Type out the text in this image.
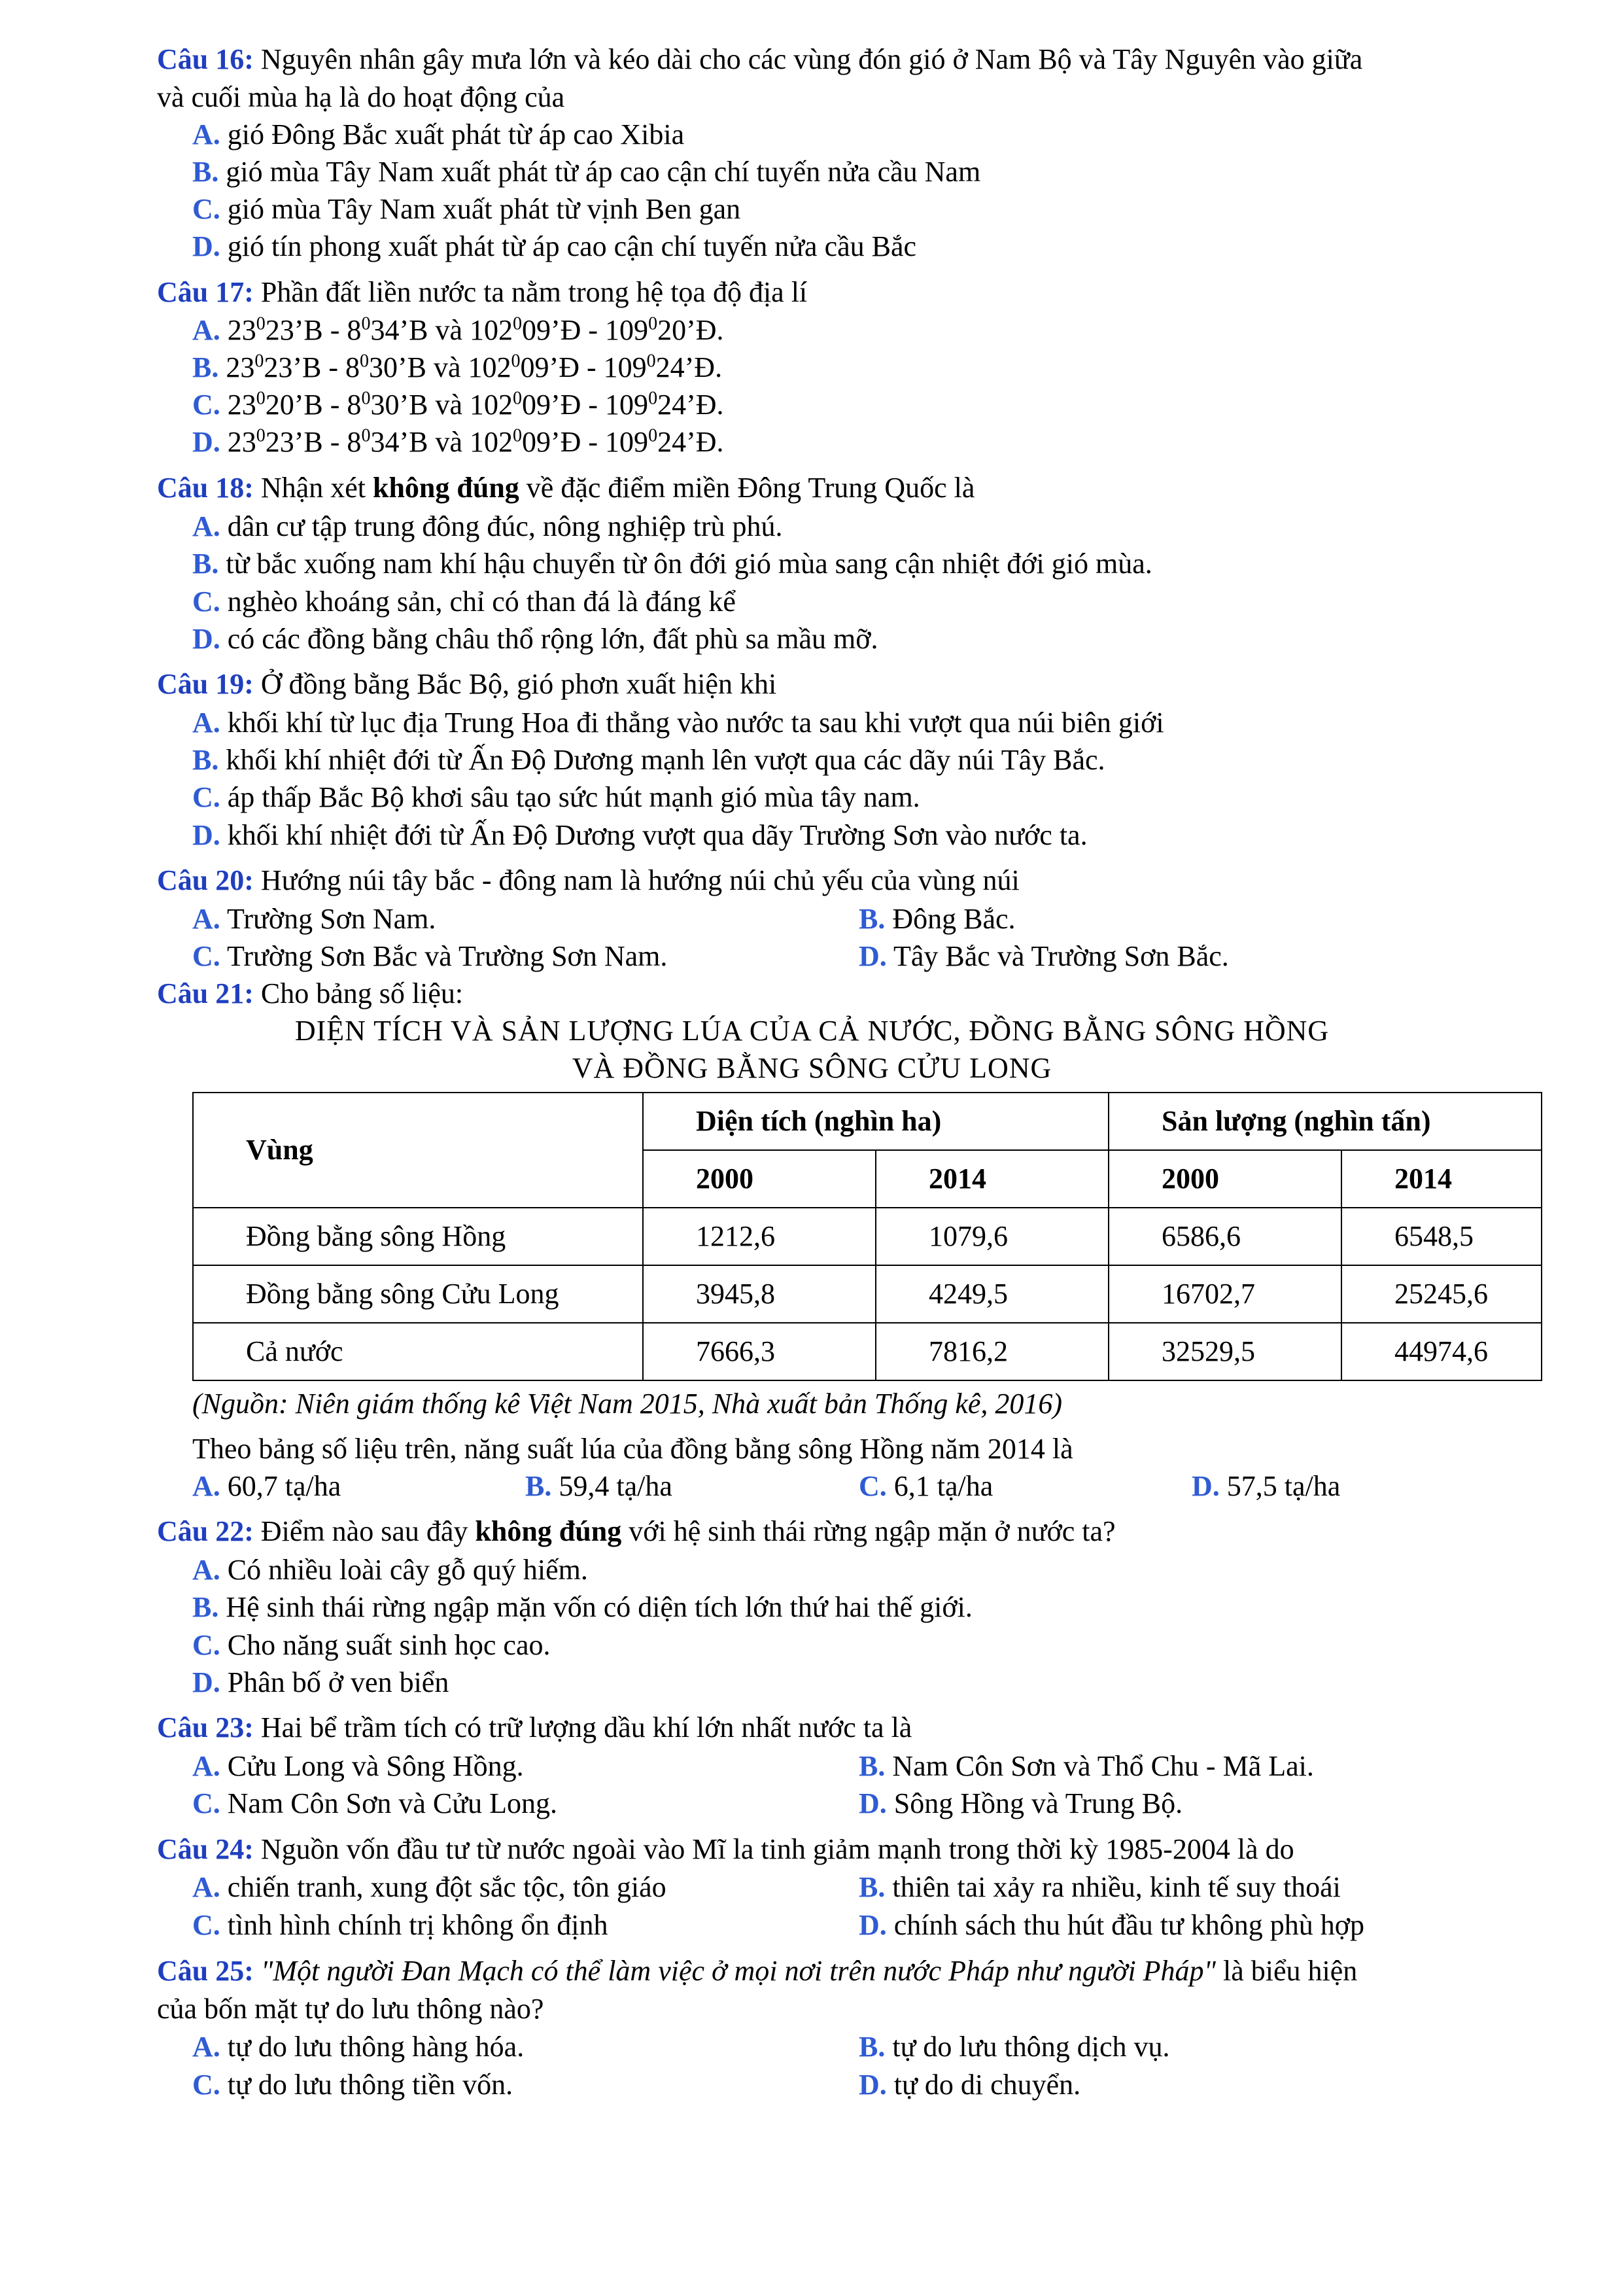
Câu 16: Nguyên nhân gây mưa lớn và kéo dài cho các vùng đón gió ở Nam Bộ và Tây Nguyên vào giữa
và cuối mùa hạ là do hoạt động của
A. gió Đông Bắc xuất phát từ áp cao Xibia
B. gió mùa Tây Nam xuất phát từ áp cao cận chí tuyến nửa cầu Nam
C. gió mùa Tây Nam xuất phát từ vịnh Ben gan
D. gió tín phong xuất phát từ áp cao cận chí tuyến nửa cầu Bắc
Câu 17: Phần đất liền nước ta nằm trong hệ tọa độ địa lí
A. $23^023’B$ - $8^034’B$ và $102^009’Đ$ - $109^020’Đ$.
B. $23^023’B$ - $8^030’B$ và $102^009’Đ$ - $109^024’Đ$.
C. $23^020’B$ - $8^030’B$ và $102^009’Đ$ - $109^024’Đ$.
D. $23^023’B$ - $8^034’B$ và $102^009’Đ$ - $109^024’Đ$.
Câu 18: Nhận xét không đúng về đặc điểm miền Đông Trung Quốc là
A. dân cư tập trung đông đúc, nông nghiệp trù phú.
B. từ bắc xuống nam khí hậu chuyển từ ôn đới gió mùa sang cận nhiệt đới gió mùa.
C. nghèo khoáng sản, chỉ có than đá là đáng kể
D. có các đồng bằng châu thổ rộng lớn, đất phù sa mầu mỡ.
Câu 19: Ở đồng bằng Bắc Bộ, gió phơn xuất hiện khi
A. khối khí từ lục địa Trung Hoa đi thẳng vào nước ta sau khi vượt qua núi biên giới
B. khối khí nhiệt đới từ Ấn Độ Dương mạnh lên vượt qua các dãy núi Tây Bắc.
C. áp thấp Bắc Bộ khơi sâu tạo sức hút mạnh gió mùa tây nam.
D. khối khí nhiệt đới từ Ấn Độ Dương vượt qua dãy Trường Sơn vào nước ta.
Câu 20: Hướng núi tây bắc - đông nam là hướng núi chủ yếu của vùng núi
A. Trường Sơn Nam.	B. Đông Bắc.
C. Trường Sơn Bắc và Trường Sơn Nam.	D. Tây Bắc và Trường Sơn Bắc.
Câu 21: Cho bảng số liệu:
DIỆN TÍCH VÀ SẢN LƯỢNG LÚA CỦA CẢ NƯỚC, ĐỒNG BẰNG SÔNG HỒNG
VÀ ĐỒNG BẰNG SÔNG CỬU LONG
Vùng	Diện tích (nghìn ha)		Sản lượng (nghìn tấn)	
	2000	2014	2000	2014
Đồng bằng sông Hồng	1212,6	1079,6	6586,6	6548,5
Đồng bằng sông Cửu Long	3945,8	4249,5	16702,7	25245,6
Cả nước	7666,3	7816,2	32529,5	44974,6
(Nguồn: Niên giám thống kê Việt Nam 2015, Nhà xuất bản Thống kê, 2016)
Theo bảng số liệu trên, năng suất lúa của đồng bằng sông Hồng năm 2014 là
A. 60,7 tạ/ha	B. 59,4 tạ/ha	C. 6,1 tạ/ha	D. 57,5 tạ/ha
Câu 22: Điểm nào sau đây không đúng với hệ sinh thái rừng ngập mặn ở nước ta?
A. Có nhiều loài cây gỗ quý hiếm.
B. Hệ sinh thái rừng ngập mặn vốn có diện tích lớn thứ hai thế giới.
C. Cho năng suất sinh học cao.
D. Phân bố ở ven biển
Câu 23: Hai bể trầm tích có trữ lượng dầu khí lớn nhất nước ta là
A. Cửu Long và Sông Hồng.	B. Nam Côn Sơn và Thổ Chu - Mã Lai.
C. Nam Côn Sơn và Cửu Long.	D. Sông Hồng và Trung Bộ.
Câu 24: Nguồn vốn đầu tư từ nước ngoài vào Mĩ la tinh giảm mạnh trong thời kỳ 1985-2004 là do
A. chiến tranh, xung đột sắc tộc, tôn giáo	B. thiên tai xảy ra nhiều, kinh tế suy thoái
C. tình hình chính trị không ổn định	D. chính sách thu hút đầu tư không phù hợp
Câu 25: "Một người Đan Mạch có thể làm việc ở mọi nơi trên nước Pháp như người Pháp" là biểu hiện
của bốn mặt tự do lưu thông nào?
A. tự do lưu thông hàng hóa.	B. tự do lưu thông dịch vụ.
C. tự do lưu thông tiền vốn.	D. tự do di chuyển.
